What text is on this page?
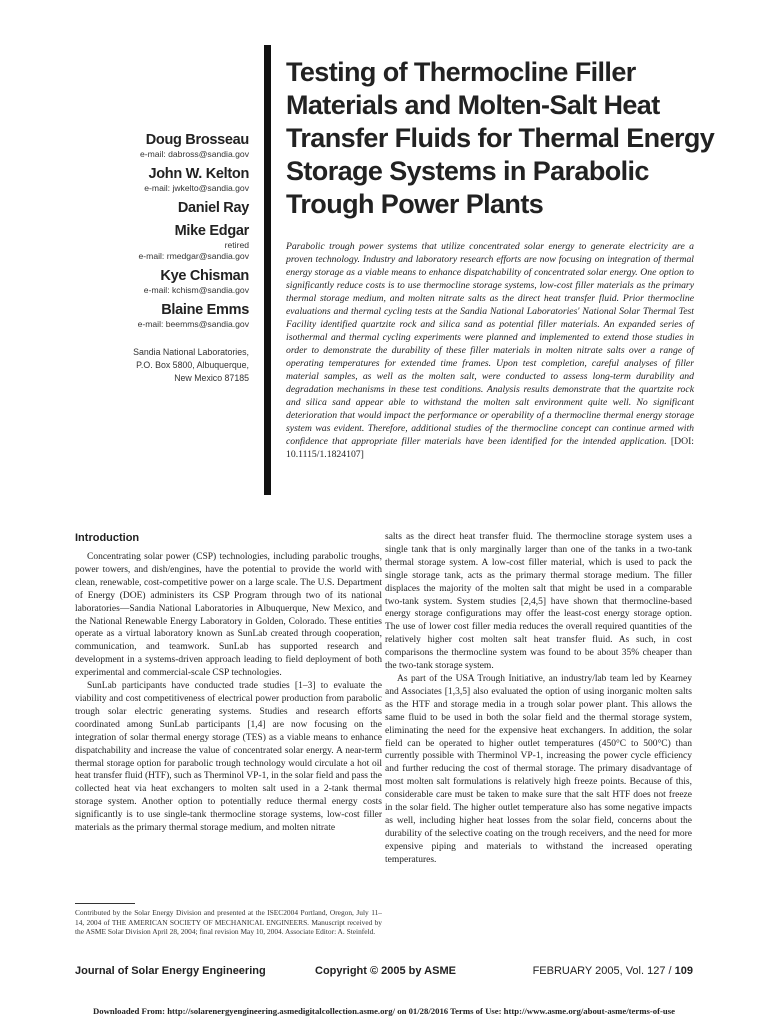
Testing of Thermocline Filler Materials and Molten-Salt Heat Transfer Fluids for Thermal Energy Storage Systems in Parabolic Trough Power Plants
Doug Brosseau
e-mail: dabross@sandia.gov
John W. Kelton
e-mail: jwkelto@sandia.gov
Daniel Ray
Mike Edgar
retired
e-mail: rmedgar@sandia.gov
Kye Chisman
e-mail: kchism@sandia.gov
Blaine Emms
e-mail: beemms@sandia.gov
Sandia National Laboratories,
P.O. Box 5800, Albuquerque,
New Mexico 87185

Parabolic trough power systems that utilize concentrated solar energy to generate electricity are a proven technology. Industry and laboratory research efforts are now focusing on integration of thermal energy storage as a viable means to enhance dispatchability of concentrated solar energy. One option to significantly reduce costs is to use thermocline storage systems, low-cost filler materials as the primary thermal storage medium, and molten nitrate salts as the direct heat transfer fluid. Prior thermocline evaluations and thermal cycling tests at the Sandia National Laboratories' National Solar Thermal Test Facility identified quartzite rock and silica sand as potential filler materials. An expanded series of isothermal and thermal cycling experiments were planned and implemented to extend those studies in order to demonstrate the durability of these filler materials in molten nitrate salts over a range of operating temperatures for extended time frames. Upon test completion, careful analyses of filler material samples, as well as the molten salt, were conducted to assess long-term durability and degradation mechanisms in these test conditions. Analysis results demonstrate that the quartzite rock and silica sand appear able to withstand the molten salt environment quite well. No significant deterioration that would impact the performance or operability of a thermocline thermal energy storage system was evident. Therefore, additional studies of the thermocline concept can continue armed with confidence that appropriate filler materials have been identified for the intended application. [DOI: 10.1115/1.1824107]

Introduction

Concentrating solar power (CSP) technologies, including parabolic troughs, power towers, and dish/engines, have the potential to provide the world with clean, renewable, cost-competitive power on a large scale. The U.S. Department of Energy (DOE) administers its CSP Program through two of its national laboratories—Sandia National Laboratories in Albuquerque, New Mexico, and the National Renewable Energy Laboratory in Golden, Colorado. These entities operate as a virtual laboratory known as SunLab created through cooperation, communication, and teamwork. SunLab has supported research and development in a systems-driven approach leading to field deployment of both experimental and commercial-scale CSP technologies.

SunLab participants have conducted trade studies [1–3] to evaluate the viability and cost competitiveness of electrical power production from parabolic trough solar electric generating systems. Studies and research efforts coordinated among SunLab participants [1,4] are now focusing on the integration of solar thermal energy storage (TES) as a viable means to enhance dispatchability and increase the value of concentrated solar energy. A near-term thermal storage option for parabolic trough technology would circulate a hot oil heat transfer fluid (HTF), such as Therminol VP-1, in the solar field and pass the collected heat via heat exchangers to molten salt used in a 2-tank thermal storage system. Another option to potentially reduce thermal energy costs significantly is to use single-tank thermocline storage systems, low-cost filler materials as the primary thermal storage medium, and molten nitrate

salts as the direct heat transfer fluid. The thermocline storage system uses a single tank that is only marginally larger than one of the tanks in a two-tank thermal storage system. A low-cost filler material, which is used to pack the single storage tank, acts as the primary thermal storage medium. The filler displaces the majority of the molten salt that might be used in a comparable two-tank system. System studies [2,4,5] have shown that thermocline-based energy storage configurations may offer the least-cost energy storage option. The use of lower cost filler media reduces the overall required quantities of the relatively higher cost molten salt heat transfer fluid. As such, in cost comparisons the thermocline system was found to be about 35% cheaper than the two-tank storage system.

As part of the USA Trough Initiative, an industry/lab team led by Kearney and Associates [1,3,5] also evaluated the option of using inorganic molten salts as the HTF and storage media in a trough solar power plant. This allows the same fluid to be used in both the solar field and the thermal storage system, eliminating the need for the expensive heat exchangers. In addition, the solar field can be operated to higher outlet temperatures (450°C to 500°C) than currently possible with Therminol VP-1, increasing the power cycle efficiency and further reducing the cost of thermal storage. The primary disadvantage of most molten salt formulations is relatively high freeze points. Because of this, considerable care must be taken to make sure that the salt HTF does not freeze in the solar field. The higher outlet temperature also has some negative impacts as well, including higher heat losses from the solar field, concerns about the durability of the selective coating on the trough receivers, and the need for more expensive piping and materials to withstand the increased operating temperatures.

Contributed by the Solar Energy Division and presented at the ISEC2004 Portland, Oregon, July 11–14, 2004 of THE AMERICAN SOCIETY OF MECHANICAL ENGINEERS. Manuscript received by the ASME Solar Division April 28, 2004; final revision May 10, 2004. Associate Editor: A. Steinfeld.

Journal of Solar Energy Engineering	Copyright © 2005 by ASME	FEBRUARY 2005, Vol. 127 / 109
Downloaded From: http://solarenergyengineering.asmedigitalcollection.asme.org/ on 01/28/2016 Terms of Use: http://www.asme.org/about-asme/terms-of-use
